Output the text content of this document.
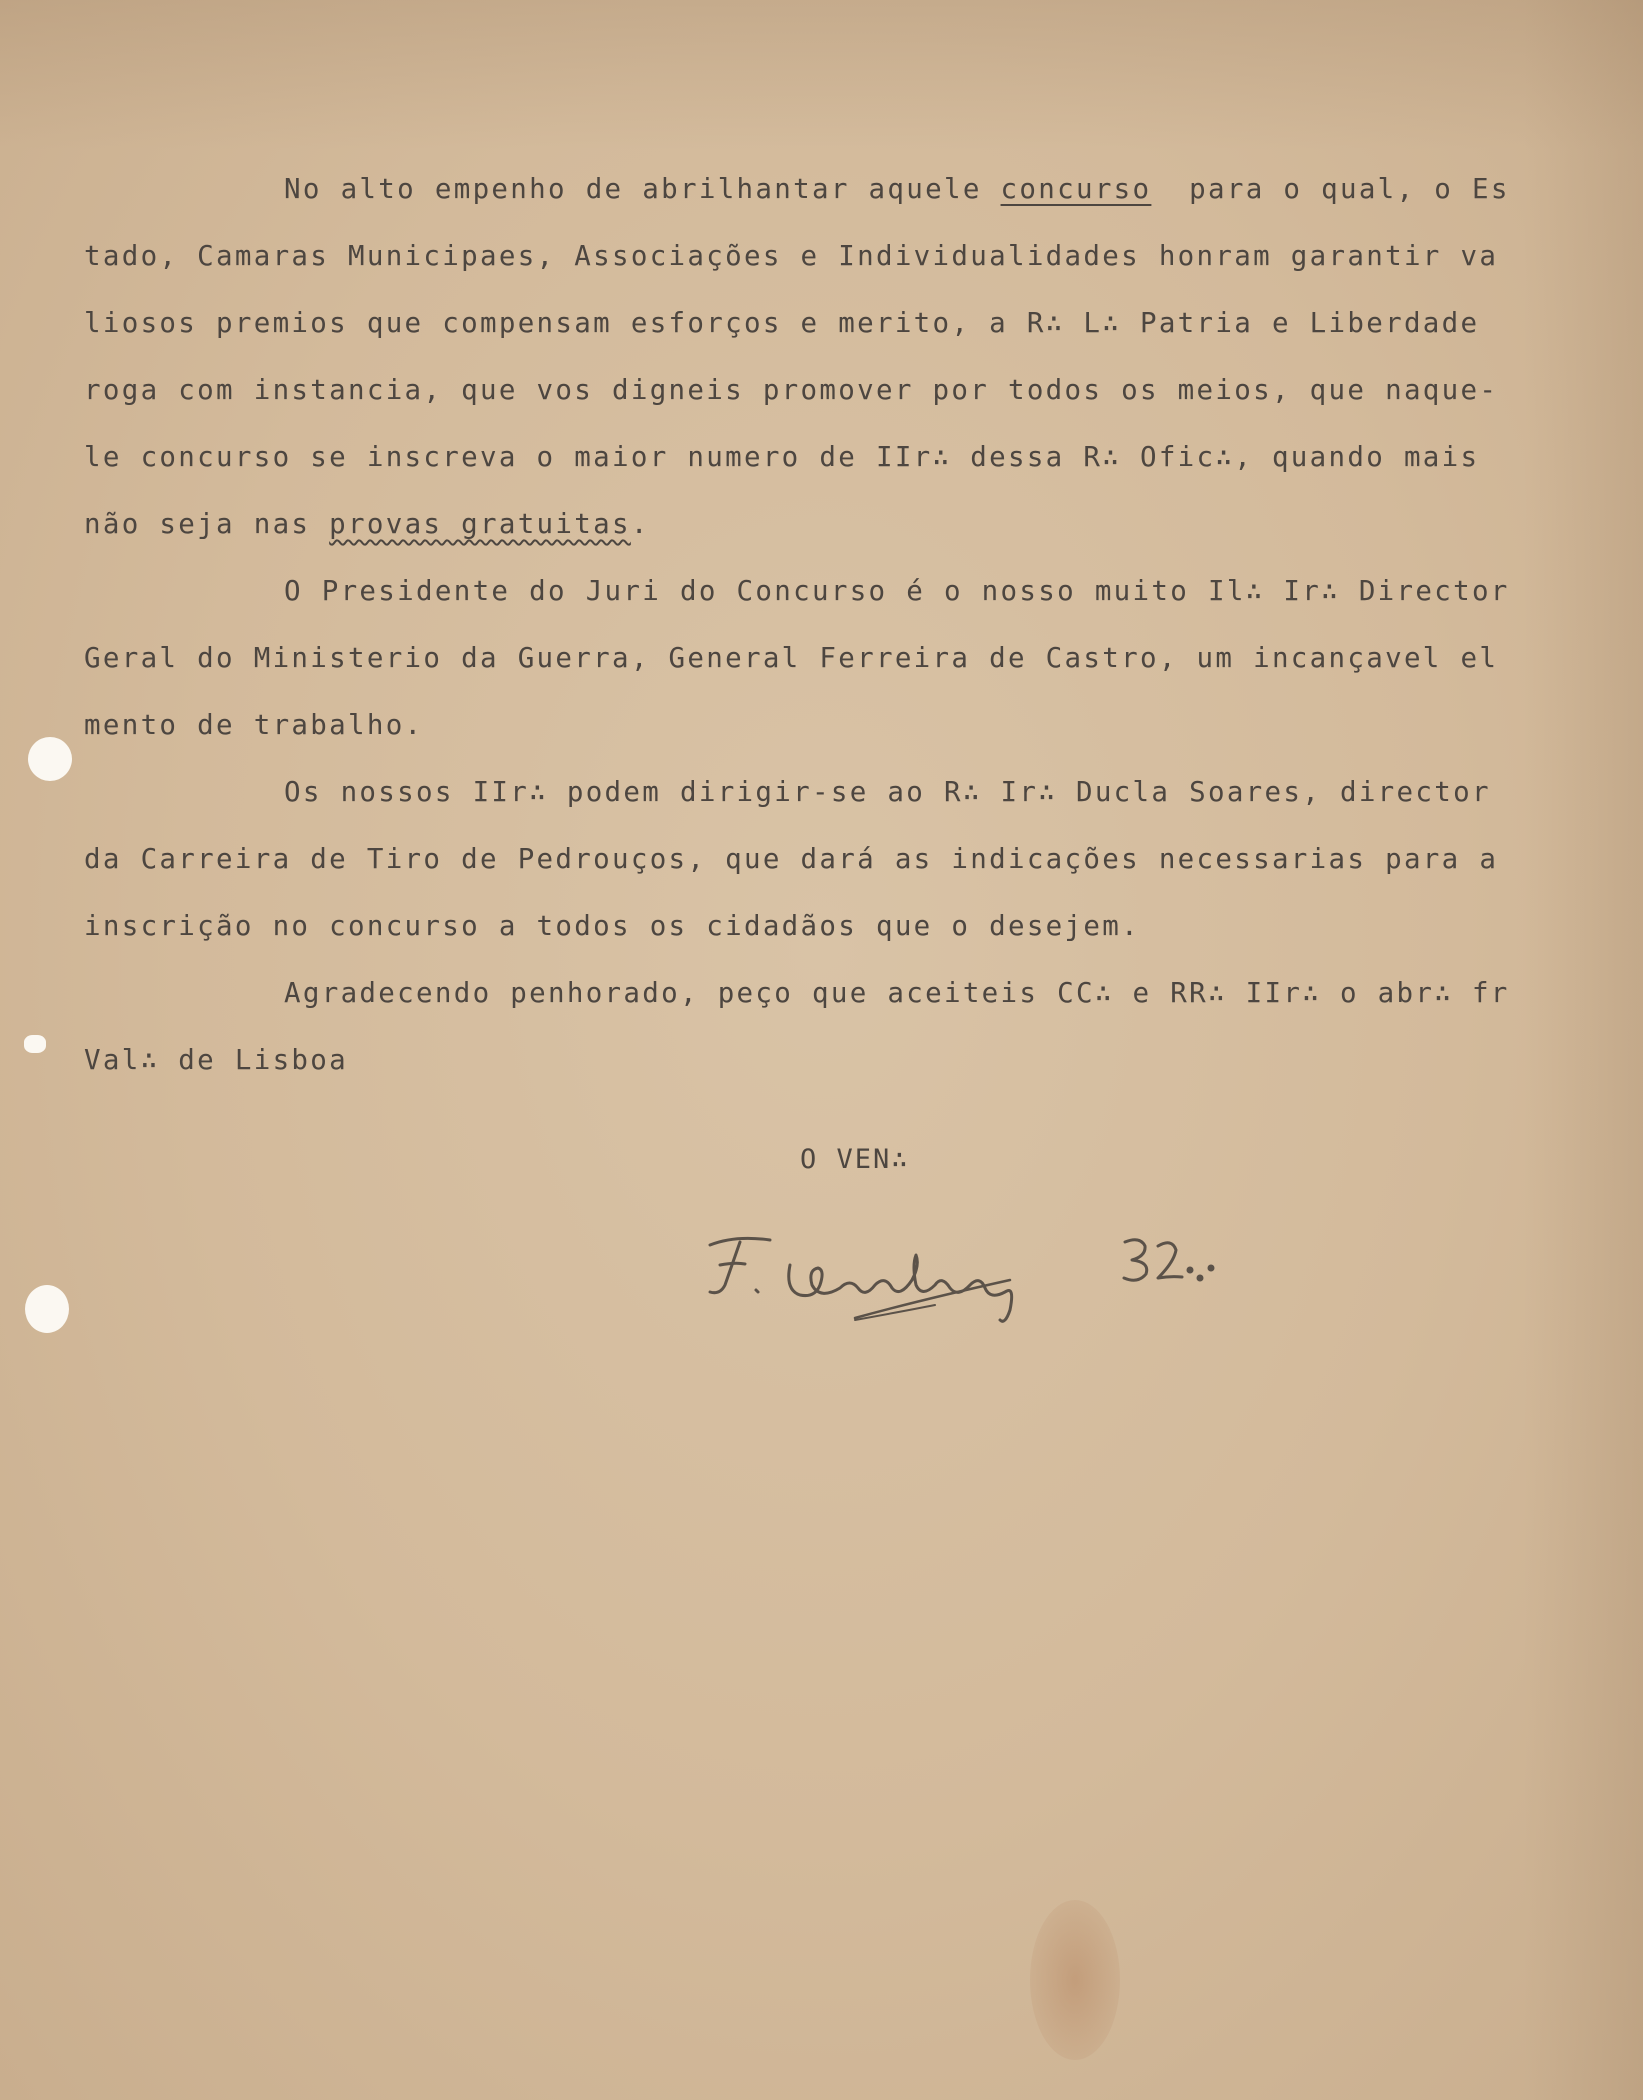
No alto empenho de abrilhantar aquele concurso  para o qual, o Es
tado, Camaras Municipaes, Associações e Individualidades honram garantir va
liosos premios que compensam esforços e merito, a R∴ L∴ Patria e Liberdade
roga com instancia, que vos digneis promover por todos os meios, que naque-
le concurso se inscreva o maior numero de IIr∴ dessa R∴ Ofic∴, quando mais
não seja nas provas gratuitas.
O Presidente do Juri do Concurso é o nosso muito Il∴ Ir∴ Director
Geral do Ministerio da Guerra, General Ferreira de Castro, um incançavel el
mento de trabalho.
Os nossos IIr∴ podem dirigir-se ao R∴ Ir∴ Ducla Soares, director
da Carreira de Tiro de Pedrouços, que dará as indicações necessarias para a
inscrição no concurso a todos os cidadãos que o desejem.
Agradecendo penhorado, peço que aceiteis CC∴ e RR∴ IIr∴ o abr∴ fr
Val∴ de Lisboa
O VEN∴
